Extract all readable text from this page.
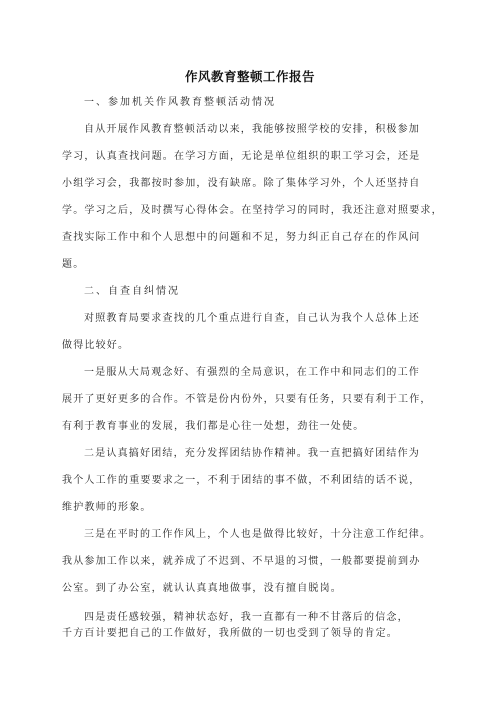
作风教育整顿工作报告
一、参加机关作风教育整顿活动情况
自从开展作风教育整顿活动以来，我能够按照学校的安排，积极参加
学习，认真查找问题。在学习方面，无论是单位组织的职工学习会，还是
小组学习会，我都按时参加，没有缺席。除了集体学习外，个人还坚持自
学。学习之后，及时撰写心得体会。在坚持学习的同时，我还注意对照要求，
查找实际工作中和个人思想中的问题和不足，努力纠正自己存在的作风问
题。
二、自查自纠情况
对照教育局要求查找的几个重点进行自查，自己认为我个人总体上还
做得比较好。
一是服从大局观念好、有强烈的全局意识，在工作中和同志们的工作
展开了更好更多的合作。不管是份内份外，只要有任务，只要有利于工作，
有利于教育事业的发展，我们都是心往一处想，劲往一处使。
二是认真搞好团结，充分发挥团结协作精神。我一直把搞好团结作为
我个人工作的重要要求之一，不利于团结的事不做，不利团结的话不说，
维护教师的形象。
三是在平时的工作作风上，个人也是做得比较好，十分注意工作纪律。
我从参加工作以来，就养成了不迟到、不早退的习惯，一般都要提前到办
公室。到了办公室，就认认真真地做事，没有擅自脱岗。
四是责任感较强，精神状态好，我一直都有一种不甘落后的信念，
千方百计要把自己的工作做好，我所做的一切也受到了领导的肯定。
